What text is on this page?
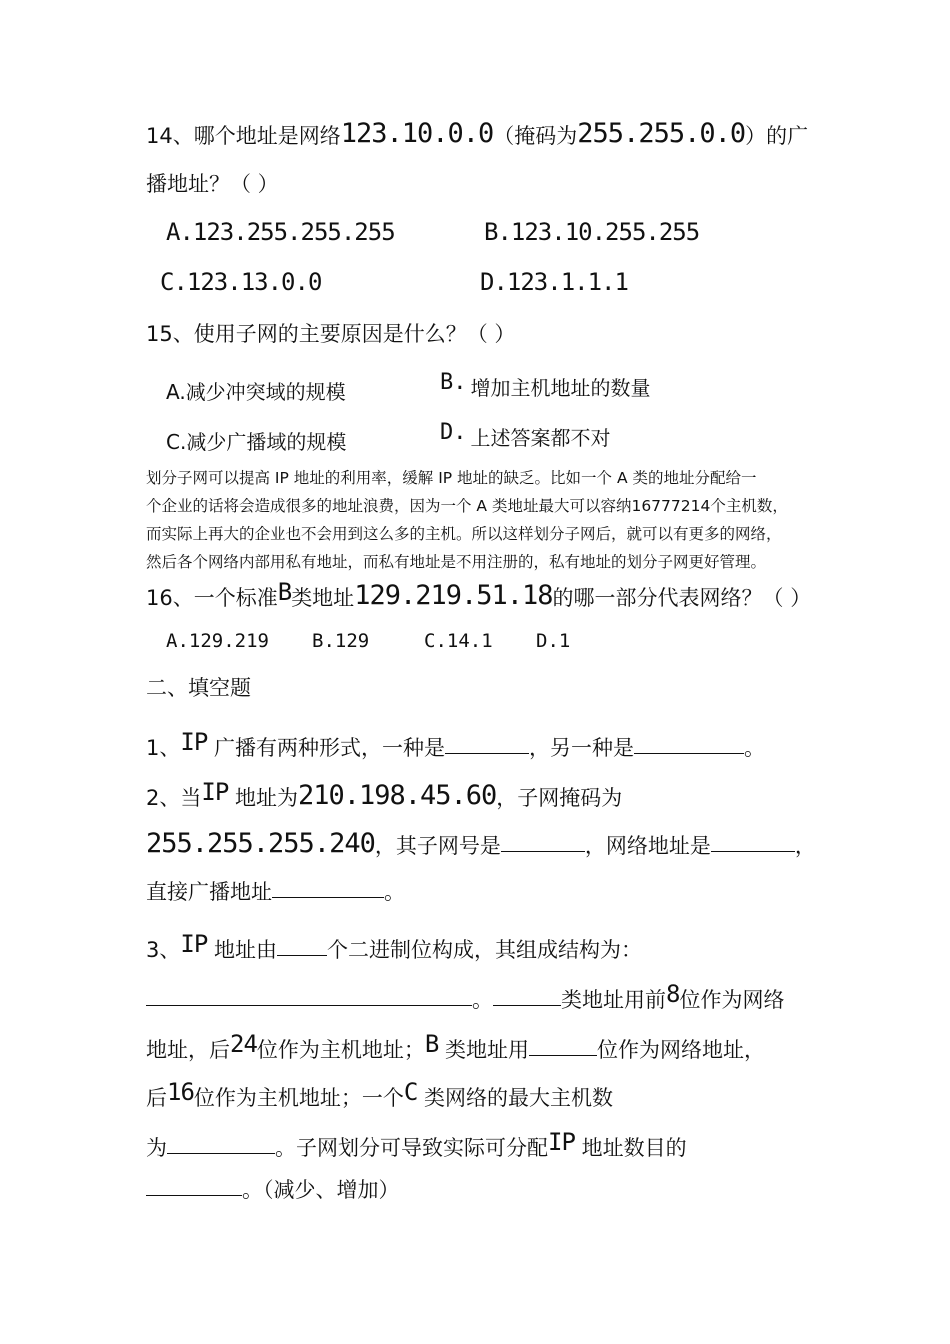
14、哪个地址是网络123.10.0.0（掩码为255.255.0.0）的广
播地址？（ ）
A.123.255.255.255	B.123.10.255.255
C.123.13.0.0	D.123.1.1.1
15、使用子网的主要原因是什么？（ ）
A.减少冲突域的规模	B. 增加主机地址的数量
C.减少广播域的规模	D. 上述答案都不对
划分子网可以提高 IP 地址的利用率，缓解 IP 地址的缺乏。比如一个 A 类的地址分配给一
个企业的话将会造成很多的地址浪费，因为一个 A 类地址最大可以容纳16777214个主机数，
而实际上再大的企业也不会用到这么多的主机。所以这样划分子网后，就可以有更多的网络，
然后各个网络内部用私有地址，而私有地址是不用注册的，私有地址的划分子网更好管理。
16、一个标准B类地址129.219.51.18的哪一部分代表网络？（ ）
A.129.219 B.129	C.14.1 D.1
二、填空题
1、IP 广播有两种形式，一种是	，另一种是	。
2、当IP 地址为210.198.45.60，子网掩码为
255.255.255.240，其子网号是	，网络地址是	，
直接广播地址	。
3、IP 地址由 个二进制位构成，其组成结构为：
。	类地址用前8位作为网络
地址，后24位作为主机地址；B 类地址用	位作为网络地址，
后16位作为主机地址；一个C 类网络的最大主机数
为	。子网划分可导致实际可分配IP 地址数目的
。（减少、增加）
